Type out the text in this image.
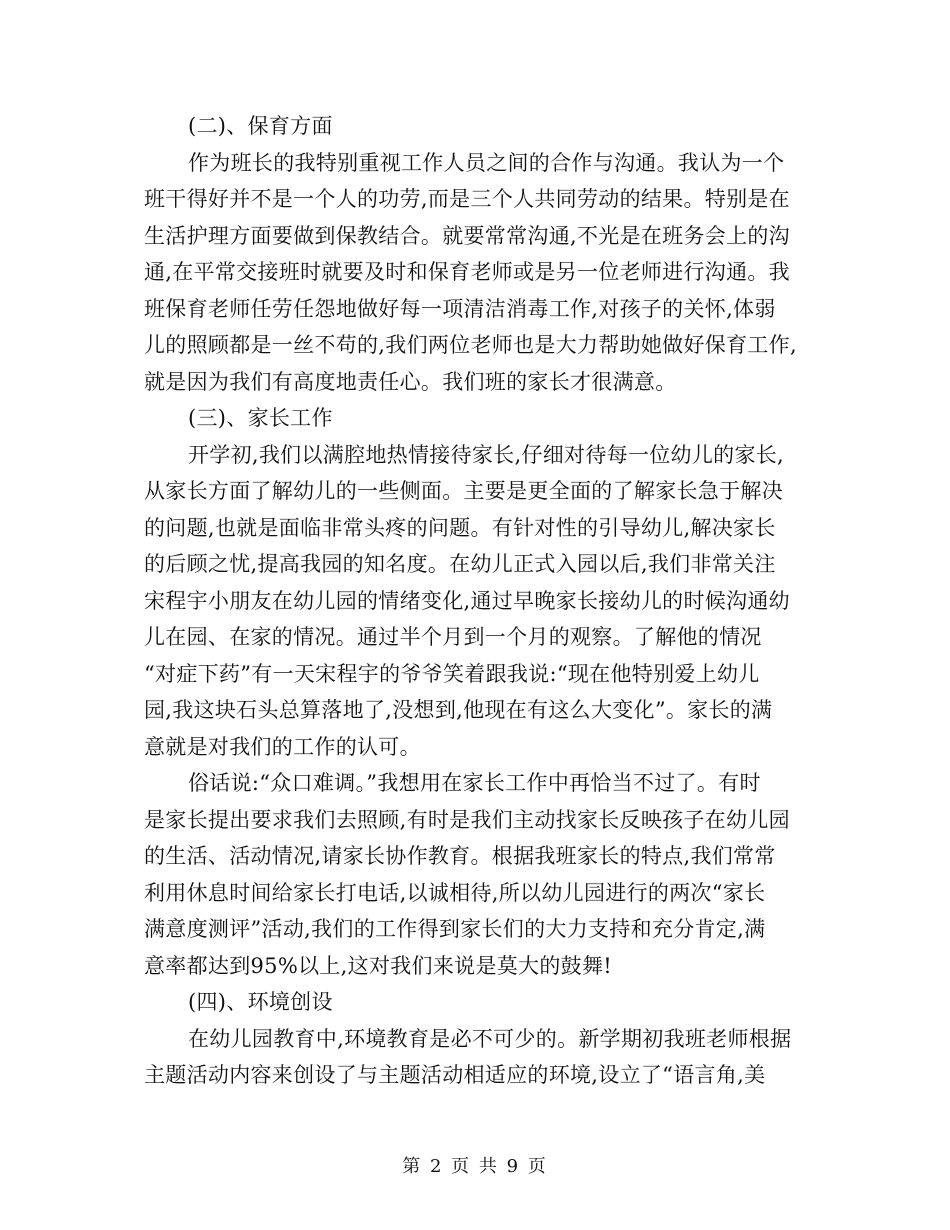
(二)、保育方面
作为班长的我特别重视工作人员之间的合作与沟通。我认为一个
班干得好并不是一个人的功劳,而是三个人共同劳动的结果。特别是在
生活护理方面要做到保教结合。就要常常沟通,不光是在班务会上的沟
通,在平常交接班时就要及时和保育老师或是另一位老师进行沟通。我
班保育老师任劳任怨地做好每一项清洁消毒工作,对孩子的关怀,体弱
儿的照顾都是一丝不苟的,我们两位老师也是大力帮助她做好保育工作,
就是因为我们有高度地责任心。我们班的家长才很满意。
(三)、家长工作
开学初,我们以满腔地热情接待家长,仔细对待每一位幼儿的家长,
从家长方面了解幼儿的一些侧面。主要是更全面的了解家长急于解决
的问题,也就是面临非常头疼的问题。有针对性的引导幼儿,解决家长
的后顾之忧,提高我园的知名度。在幼儿正式入园以后,我们非常关注
宋程宇小朋友在幼儿园的情绪变化,通过早晚家长接幼儿的时候沟通幼
儿在园、在家的情况。通过半个月到一个月的观察。了解他的情况
“对症下药”有一天宋程宇的爷爷笑着跟我说:“现在他特别爱上幼儿
园,我这块石头总算落地了,没想到,他现在有这么大变化”。家长的满
意就是对我们的工作的认可。
俗话说:“众口难调。”我想用在家长工作中再恰当不过了。有时
是家长提出要求我们去照顾,有时是我们主动找家长反映孩子在幼儿园
的生活、活动情况,请家长协作教育。根据我班家长的特点,我们常常
利用休息时间给家长打电话,以诚相待,所以幼儿园进行的两次“家长
满意度测评”活动,我们的工作得到家长们的大力支持和充分肯定,满
意率都达到95%以上,这对我们来说是莫大的鼓舞!
(四)、环境创设
在幼儿园教育中,环境教育是必不可少的。新学期初我班老师根据
主题活动内容来创设了与主题活动相适应的环境,设立了“语言角,美
第 2 页 共 9 页
